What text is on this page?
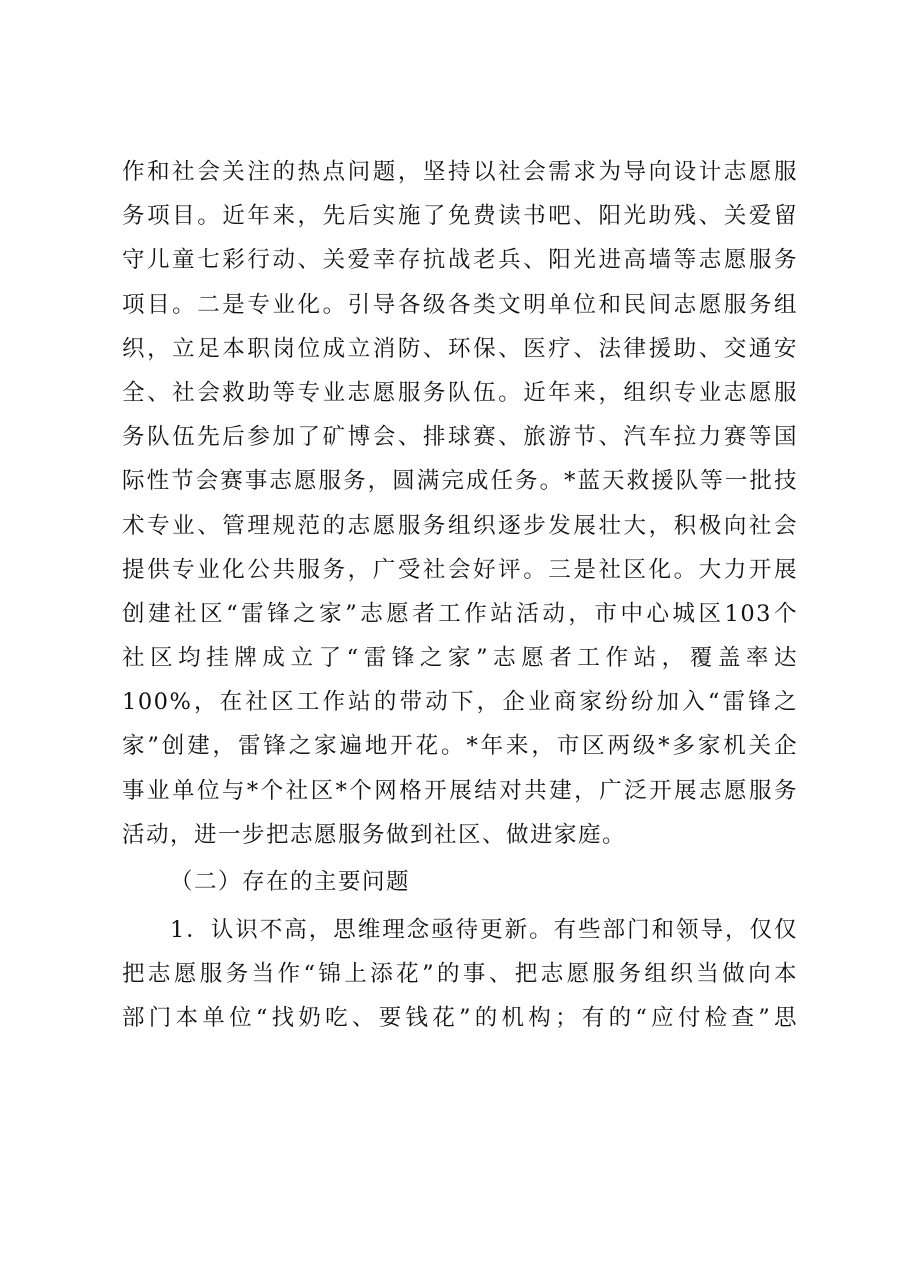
作和社会关注的热点问题，坚持以社会需求为导向设计志愿服
务项目。近年来，先后实施了免费读书吧、阳光助残、关爱留
守儿童七彩行动、关爱幸存抗战老兵、阳光进高墙等志愿服务
项目。二是专业化。引导各级各类文明单位和民间志愿服务组
织，立足本职岗位成立消防、环保、医疗、法律援助、交通安
全、社会救助等专业志愿服务队伍。近年来，组织专业志愿服
务队伍先后参加了矿博会、排球赛、旅游节、汽车拉力赛等国
际性节会赛事志愿服务，圆满完成任务。*蓝天救援队等一批技
术专业、管理规范的志愿服务组织逐步发展壮大，积极向社会
提供专业化公共服务，广受社会好评。三是社区化。大力开展
创建社区“雷锋之家”志愿者工作站活动，市中心城区103个
社区均挂牌成立了“雷锋之家”志愿者工作站，覆盖率达
100%，在社区工作站的带动下，企业商家纷纷加入“雷锋之
家”创建，雷锋之家遍地开花。*年来，市区两级*多家机关企
事业单位与*个社区*个网格开展结对共建，广泛开展志愿服务
活动，进一步把志愿服务做到社区、做进家庭。
（二）存在的主要问题
1．认识不高，思维理念亟待更新。有些部门和领导，仅仅
把志愿服务当作“锦上添花”的事、把志愿服务组织当做向本
部门本单位“找奶吃、要钱花”的机构；有的“应付检查”思
